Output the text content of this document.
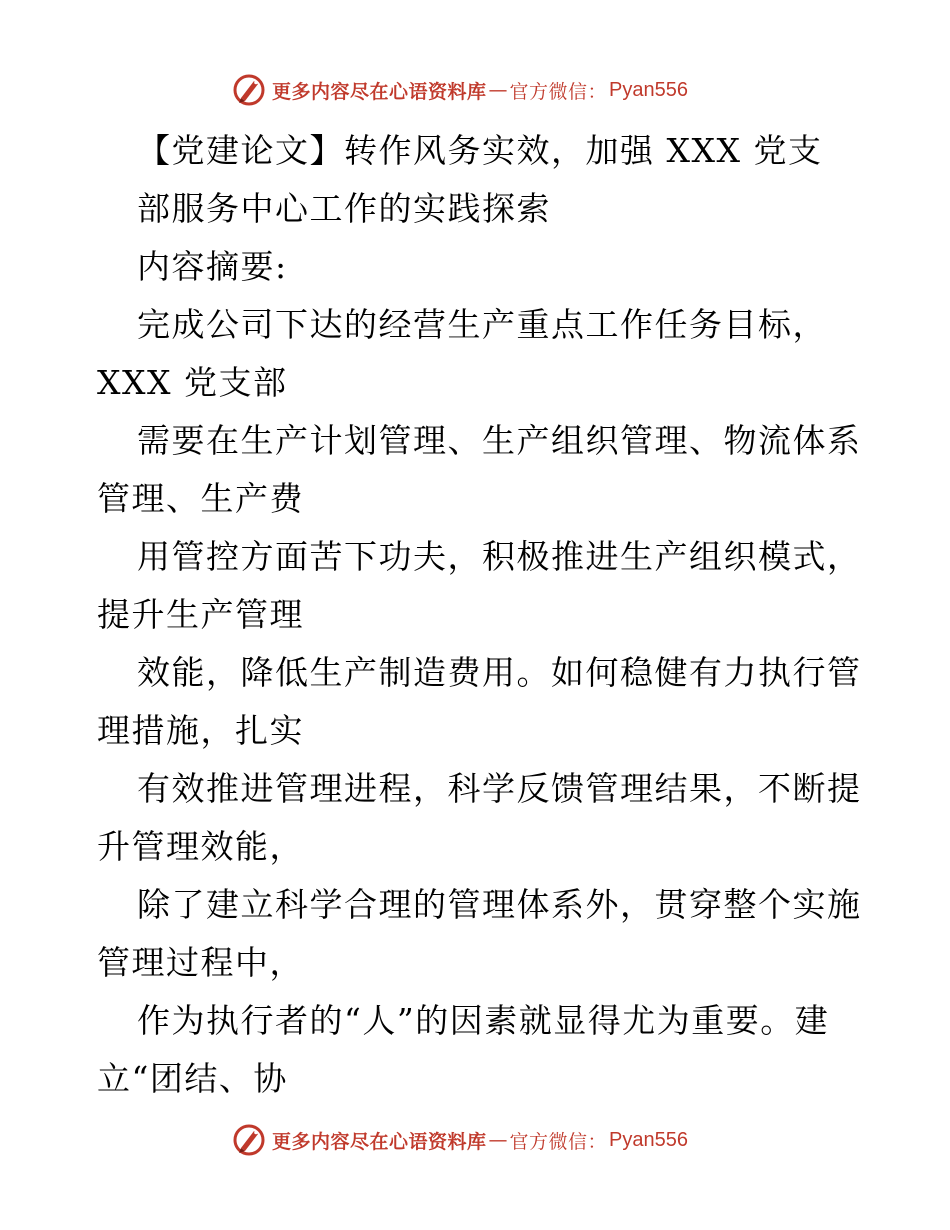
更多内容尽在心语资料库 — 官方微信： Pyan556
【党建论文】转作风务实效，加强 XXX 党支
部服务中心工作的实践探索
内容摘要:
完成公司下达的经营生产重点工作任务目标，
XXX 党支部
需要在生产计划管理、生产组织管理、物流体系
管理、生产费
用管控方面苦下功夫，积极推进生产组织模式，
提升生产管理
效能，降低生产制造费用。如何稳健有力执行管
理措施，扎实
有效推进管理进程，科学反馈管理结果，不断提
升管理效能，
除了建立科学合理的管理体系外，贯穿整个实施
管理过程中，
作为执行者的“人”的因素就显得尤为重要。建
立“团结、协
更多内容尽在心语资料库 — 官方微信： Pyan556
